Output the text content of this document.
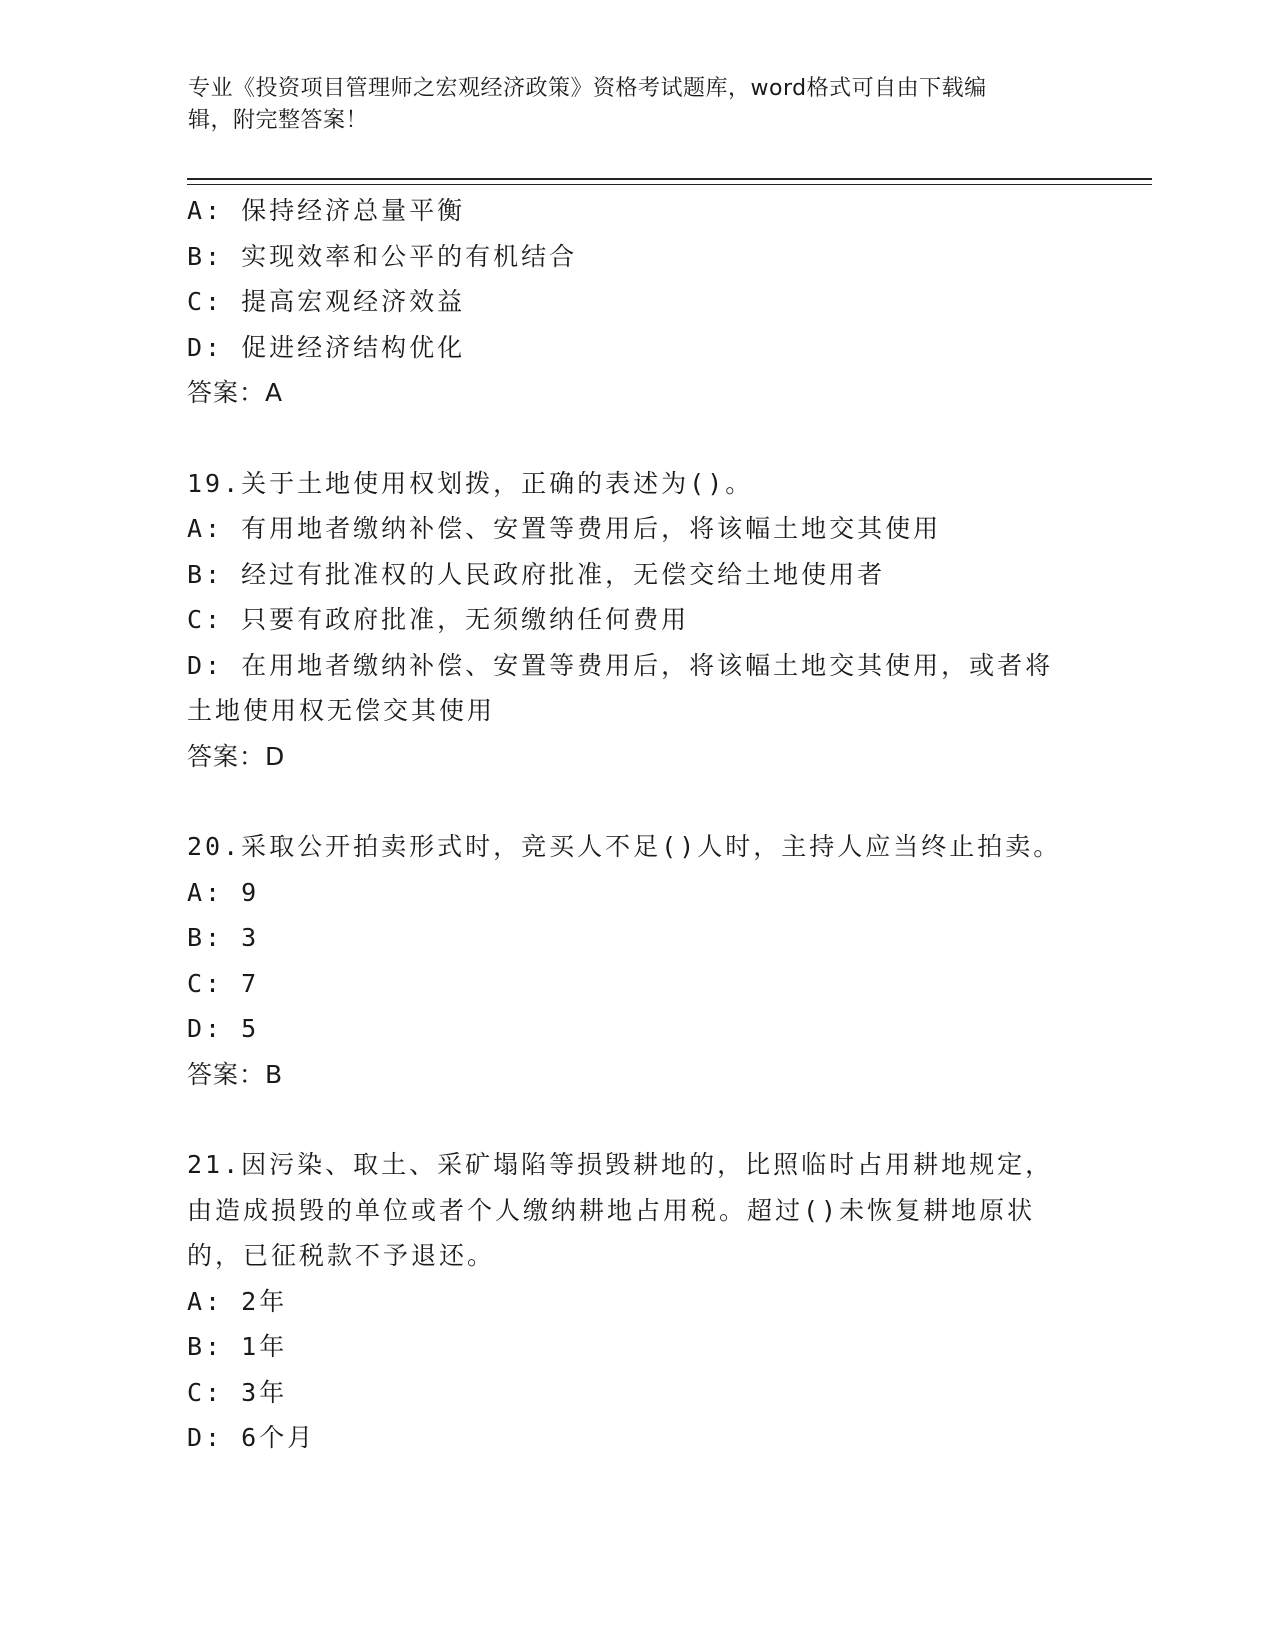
专业《投资项目管理师之宏观经济政策》资格考试题库，word格式可自由下载编
辑，附完整答案！
A: 保持经济总量平衡
B: 实现效率和公平的有机结合
C: 提高宏观经济效益
D: 促进经济结构优化
答案：A
19.关于土地使用权划拨，正确的表述为()。
A: 有用地者缴纳补偿、安置等费用后，将该幅土地交其使用
B: 经过有批准权的人民政府批准，无偿交给土地使用者
C: 只要有政府批准，无须缴纳任何费用
D: 在用地者缴纳补偿、安置等费用后，将该幅土地交其使用，或者将
土地使用权无偿交其使用
答案：D
20.采取公开拍卖形式时，竞买人不足()人时，主持人应当终止拍卖。
A: 9
B: 3
C: 7
D: 5
答案：B
21.因污染、取土、采矿塌陷等损毁耕地的，比照临时占用耕地规定，
由造成损毁的单位或者个人缴纳耕地占用税。超过()未恢复耕地原状
的，已征税款不予退还。
A: 2年
B: 1年
C: 3年
D: 6个月
